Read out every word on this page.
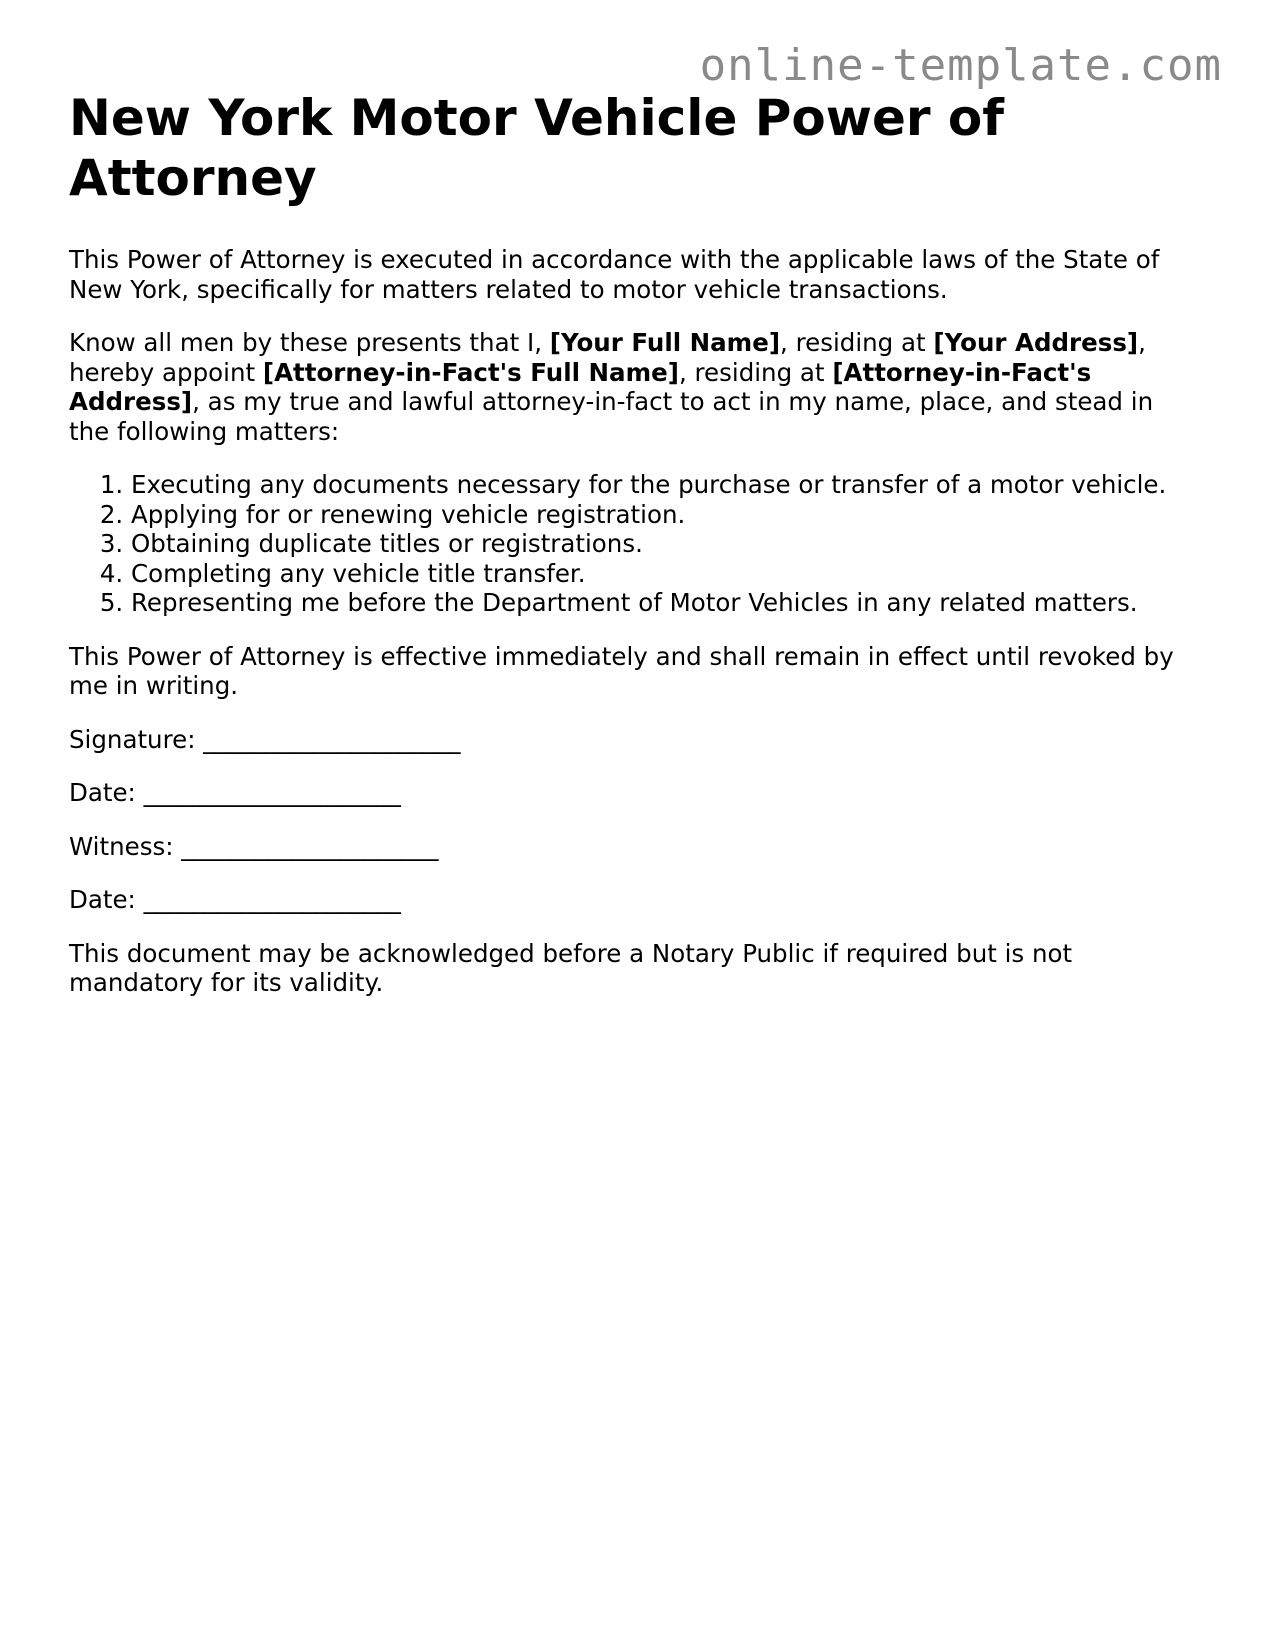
online-template.com
New York Motor Vehicle Power of Attorney

This Power of Attorney is executed in accordance with the applicable laws of the State of New York, specifically for matters related to motor vehicle transactions.

Know all men by these presents that I, [Your Full Name], residing at [Your Address], hereby appoint [Attorney-in-Fact's Full Name], residing at [Attorney-in-Fact's Address], as my true and lawful attorney-in-fact to act in my name, place, and stead in the following matters:

1. Executing any documents necessary for the purchase or transfer of a motor vehicle.
2. Applying for or renewing vehicle registration.
3. Obtaining duplicate titles or registrations.
4. Completing any vehicle title transfer.
5. Representing me before the Department of Motor Vehicles in any related matters.

This Power of Attorney is effective immediately and shall remain in effect until revoked by me in writing.

Signature: _____________________

Date: _____________________

Witness: _____________________

Date: _____________________

This document may be acknowledged before a Notary Public if required but is not mandatory for its validity.
